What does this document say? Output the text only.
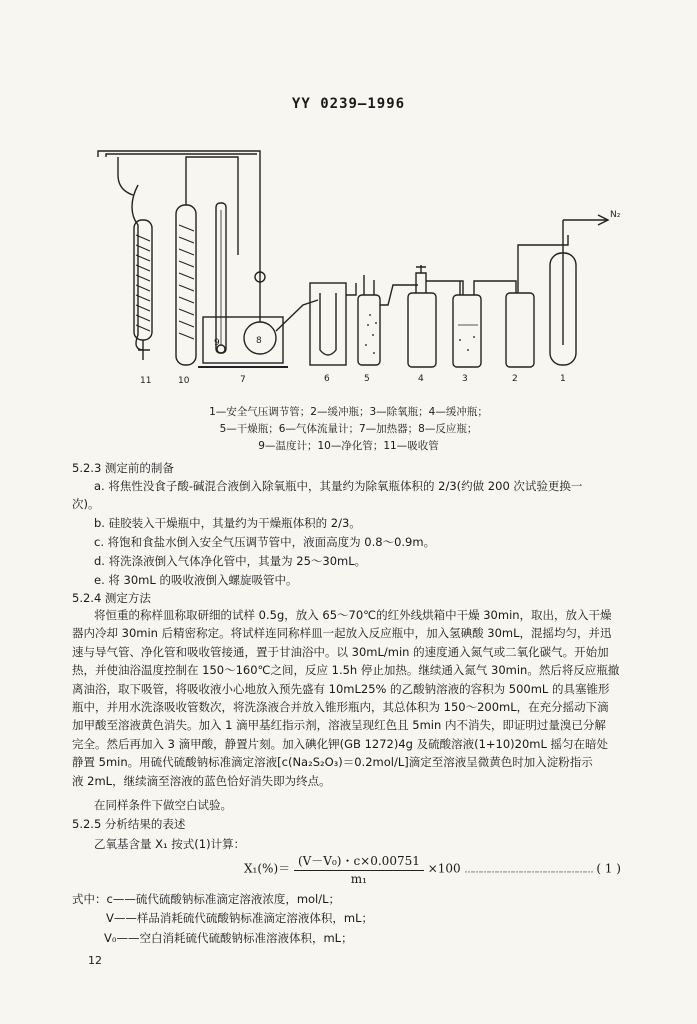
YY 0239—1996
11	10	7
9	8
6	5	4	3	2	1
N₂
1—安全气压调节管；2—缓冲瓶；3—除氧瓶；4—缓冲瓶；
5—干燥瓶；6—气体流量计；7—加热器；8—反应瓶；
9—温度计；10—净化管；11—吸收管
5.2.3 测定前的制备
a. 将焦性没食子酸-碱混合液倒入除氧瓶中，其量约为除氧瓶体积的 2/3(约做 200 次试验更换一
次)。
b. 硅胶装入干燥瓶中，其量约为干燥瓶体积的 2/3。
c. 将饱和食盐水倒入安全气压调节管中，液面高度为 0.8～0.9m。
d. 将洗涤液倒入气体净化管中，其量为 25～30mL。
e. 将 30mL 的吸收液倒入螺旋吸管中。
5.2.4 测定方法
将恒重的称样皿称取研细的试样 0.5g，放入 65～70℃的红外线烘箱中干燥 30min，取出，放入干燥
器内冷却 30min 后精密称定。将试样连同称样皿一起放入反应瓶中，加入氢碘酸 30mL，混摇均匀，并迅
速与导气管、净化管和吸收管接通，置于甘油浴中。以 30mL/min 的速度通入氮气或二氧化碳气。开始加
热，并使油浴温度控制在 150～160℃之间，反应 1.5h 停止加热。继续通入氮气 30min。然后将反应瓶撤
离油浴，取下吸管，将吸收液小心地放入预先盛有 10mL25% 的乙酸钠溶液的容积为 500mL 的具塞锥形
瓶中，并用水洗涤吸收管数次，将洗涤液合并放入锥形瓶内，其总体积为 150～200mL，在充分摇动下滴
加甲酸至溶液黄色消失。加入 1 滴甲基红指示剂，溶液呈现红色且 5min 内不消失，即证明过量溴已分解
完全。然后再加入 3 滴甲酸，静置片刻。加入碘化钾(GB 1272)4g 及硫酸溶液(1+10)20mL 摇匀在暗处
静置 5min。用硫代硫酸钠标准滴定溶液[c(Na₂S₂O₃)＝0.2mol/L]滴定至溶液呈微黄色时加入淀粉指示
液 2mL，继续滴至溶液的蓝色恰好消失即为终点。
在同样条件下做空白试验。
5.2.5 分析结果的表述
乙氧基含量 X₁ 按式(1)计算：
$X_1(\%)= \frac{\text{(V－V₀)・c×0.00751}}{\text{m₁}} \times 100$ ………………………………………… ( 1 )
式中：c——硫代硫酸钠标准滴定溶液浓度，mol/L；
V——样品消耗硫代硫酸钠标准滴定溶液体积，mL；
V₀——空白消耗硫代硫酸钠标准溶液体积，mL；
12
